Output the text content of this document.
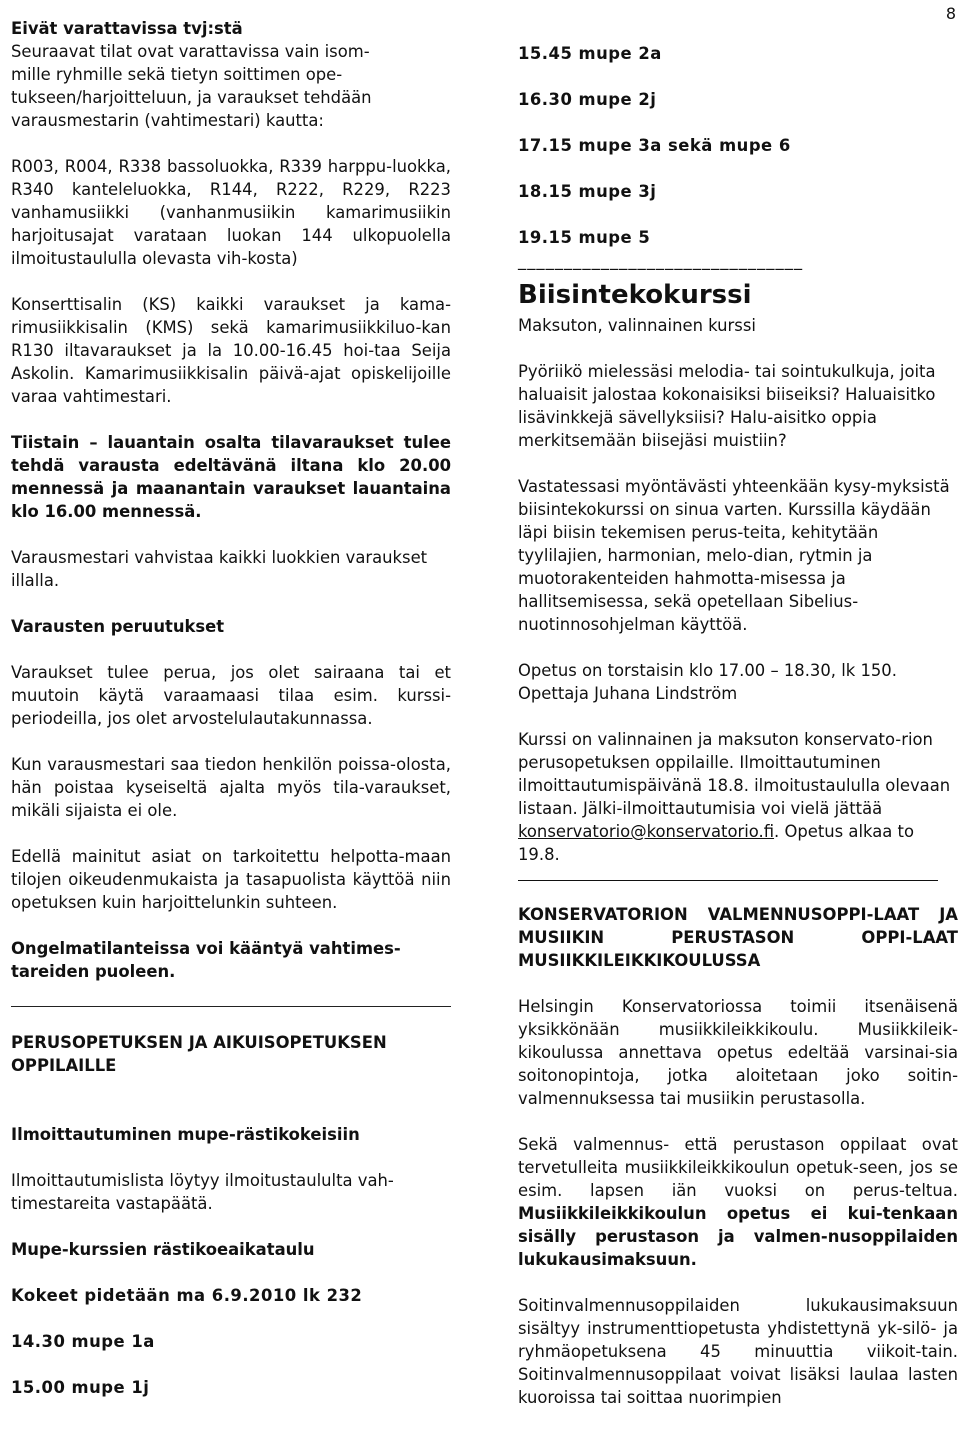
8

Eivät varattavissa tvj:stä

Seuraavat tilat ovat varattavissa vain isom-

mille ryhmille sekä tietyn soittimen ope-

tukseen/harjoitteluun, ja varaukset tehdään

varausmestarin (vahtimestari) kautta:

R003, R004, R338 bassoluokka, R339 harppu-luokka, R340 kanteleluokka, R144, R222, R229, R223 vanhamusiikki (vanhanmusiikin kamarimusiikin harjoitusajat varataan luokan 144 ulkopuolella ilmoitustaululla olevasta vih-kosta)

Konserttisalin (KS) kaikki varaukset ja kama-rimusiikkisalin (KMS) sekä kamarimusiikkiluo-kan R130 iltavaraukset ja la 10.00-16.45 hoi-taa Seija Askolin. Kamarimusiikkisalin päivä-ajat opiskelijoille varaa vahtimestari.

Tiistain – lauantain osalta tilavaraukset tulee tehdä varausta edeltävänä iltana klo 20.00 mennessä ja maanantain varaukset lauantaina klo 16.00 mennessä.

Varausmestari vahvistaa kaikki luokkien varaukset illalla.

Varausten peruutukset

Varaukset tulee perua, jos olet sairaana tai et muutoin käytä varaamaasi tilaa esim. kurssi-periodeilla, jos olet arvostelulautakunnassa.

Kun varausmestari saa tiedon henkilön poissa-olosta, hän poistaa kyseiseltä ajalta myös tila-varaukset, mikäli sijaista ei ole.

Edellä mainitut asiat on tarkoitettu helpotta-maan tilojen oikeudenmukaista ja tasapuolista käyttöä niin opetuksen kuin harjoittelunkin suhteen.

Ongelmatilanteissa voi kääntyä vahtimes-tareiden puoleen.

PERUSOPETUKSEN JA AIKUISOPETUKSEN OPPILAILLE

Ilmoittautuminen mupe-rästikokeisiin

Ilmoittautumislista löytyy ilmoitustaululta vah-timestareita vastapäätä.

Mupe-kurssien rästikoeaikataulu

Kokeet pidetään ma 6.9.2010 lk 232

14.30 mupe 1a

15.00 mupe 1j

15.45 mupe 2a

16.30 mupe 2j

17.15 mupe 3a sekä mupe 6

18.15 mupe 3j

19.15 mupe 5

_______________________________

Biisintekokurssi

Maksuton, valinnainen kurssi

Pyöriikö mielessäsi melodia- tai sointukulkuja, joita haluaisit jalostaa kokonaisiksi biiseiksi? Haluaisitko lisävinkkejä sävellyksiisi? Halu-aisitko oppia merkitsemään biisejäsi muistiin?

Vastatessasi myöntävästi yhteenkään kysy-myksistä biisintekokurssi on sinua varten. Kurssilla käydään läpi biisin tekemisen perus-teita, kehitytään tyylilajien, harmonian, melo-dian, rytmin ja muotorakenteiden hahmotta-misessa ja hallitsemisessa, sekä opetellaan Sibelius-nuotinnosohjelman käyttöä.

Opetus on torstaisin klo 17.00 – 18.30, lk 150.

Opettaja Juhana Lindström

Kurssi on valinnainen ja maksuton konservato-rion perusopetuksen oppilaille. Ilmoittautuminen ilmoittautumispäivänä 18.8. ilmoitustaululla olevaan listaan. Jälki-ilmoittautumisia voi vielä jättää
konservatorio@konservatorio.fi. Opetus alkaa to 19.8.

KONSERVATORION VALMENNUSOPPI-LAAT JA MUSIIKIN PERUSTASON OPPI-LAAT MUSIIKKILEIKKIKOULUSSA

Helsingin Konservatoriossa toimii itsenäisenä yksikkönään musiikkileikkikoulu. Musiikkileik-kikoulussa annettava opetus edeltää varsinai-sia soitonopintoja, jotka aloitetaan joko soitin-valmennuksessa tai musiikin perustasolla.

Sekä valmennus- että perustason oppilaat ovat tervetulleita musiikkileikkikoulun opetuk-seen, jos se esim. lapsen iän vuoksi on perus-teltua. Musiikkileikkikoulun opetus ei kui-tenkaan sisälly perustason ja valmen-nusoppilaiden lukukausimaksuun.

Soitinvalmennusoppilaiden lukukausimaksuun sisältyy instrumenttiopetusta yhdistettynä yk-silö- ja ryhmäopetuksena 45 minuuttia viikoit-tain. Soitinvalmennusoppilaat voivat lisäksi laulaa lasten kuoroissa tai soittaa nuorimpien
